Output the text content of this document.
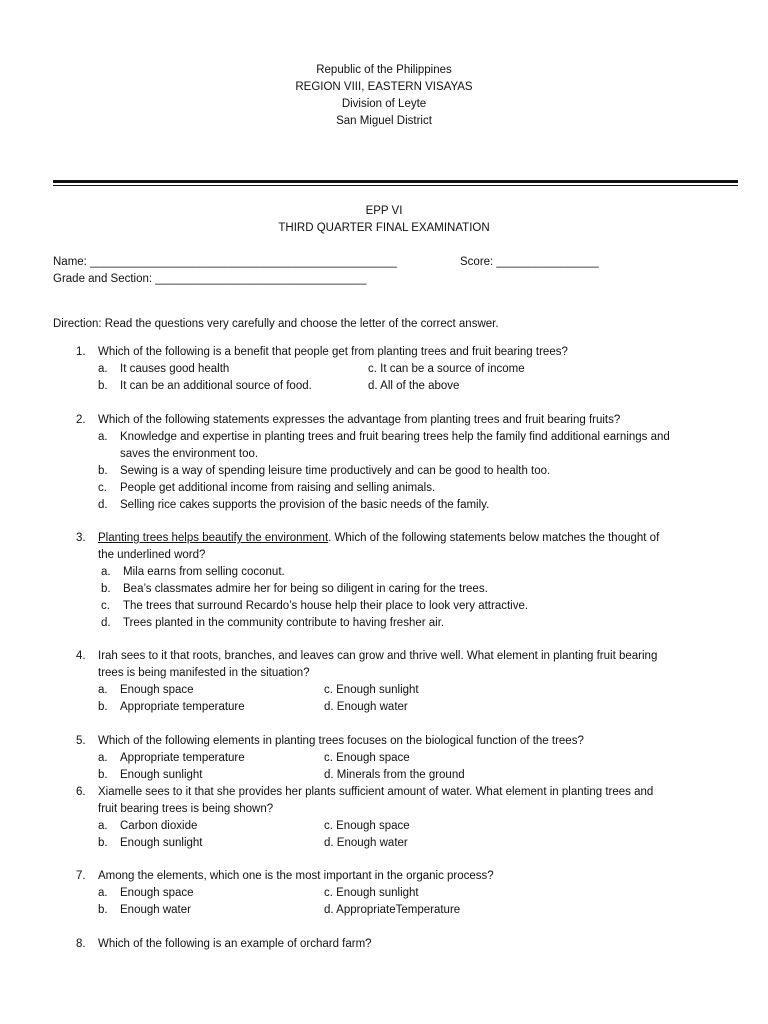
Republic of the Philippines
REGION VIII, EASTERN VISAYAS
Division of Leyte
San Miguel District
EPP VI
THIRD QUARTER FINAL EXAMINATION
Name: ________________________________________________	Score: ________________
Grade and Section: _________________________________
Direction: Read the questions very carefully and choose the letter of the correct answer.
1.	Which of the following is a benefit that people get from planting trees and fruit bearing trees?
a. It causes good health	c. It can be a source of income
b. It can be an additional source of food.	d. All of the above
2.	Which of the following statements expresses the advantage from planting trees and fruit bearing fruits?
a. Knowledge and expertise in planting trees and fruit bearing trees help the family find additional earnings and
saves the environment too.
b. Sewing is a way of spending leisure time productively and can be good to health too.
c. People get additional income from raising and selling animals.
d. Selling rice cakes supports the provision of the basic needs of the family.
3.	Planting trees helps beautify the environment. Which of the following statements below matches the thought of
the underlined word?
a. Mila earns from selling coconut.
b. Bea’s classmates admire her for being so diligent in caring for the trees.
c. The trees that surround Recardo’s house help their place to look very attractive.
d. Trees planted in the community contribute to having fresher air.
4.	Irah sees to it that roots, branches, and leaves can grow and thrive well. What element in planting fruit bearing
trees is being manifested in the situation?
a. Enough space	c. Enough sunlight
b. Appropriate temperature	d. Enough water
5.	Which of the following elements in planting trees focuses on the biological function of the trees?
a. Appropriate temperature	c. Enough space
b. Enough sunlight	d. Minerals from the ground
6.	Xiamelle sees to it that she provides her plants sufficient amount of water. What element in planting trees and
fruit bearing trees is being shown?
a. Carbon dioxide	c. Enough space
b. Enough sunlight	d. Enough water
7.	Among the elements, which one is the most important in the organic process?
a. Enough space	c. Enough sunlight
b. Enough water	d. AppropriateTemperature
8.	Which of the following is an example of orchard farm?
